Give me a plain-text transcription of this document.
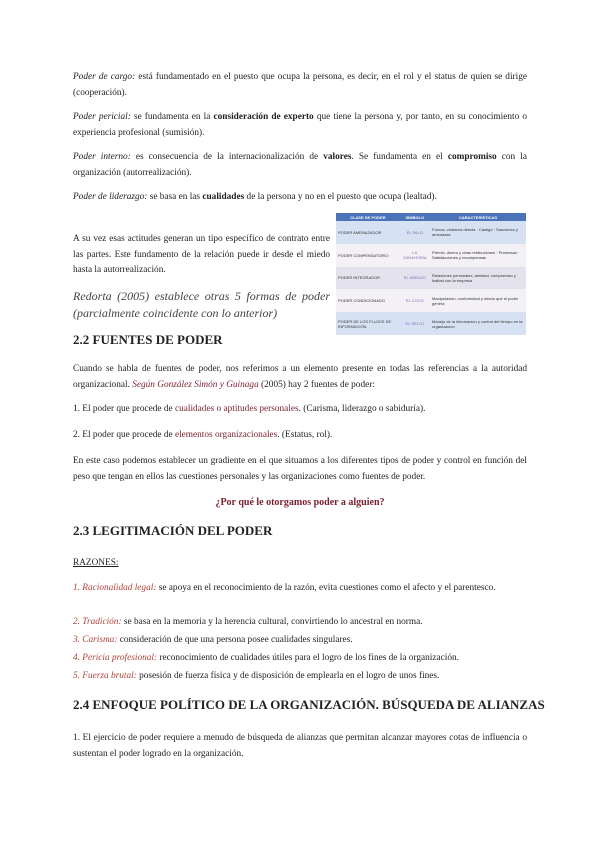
Poder de cargo: está fundamentado en el puesto que ocupa la persona, es decir, en el rol y el status de quien se dirige (cooperación).

Poder pericial: se fundamenta en la consideración de experto que tiene la persona y, por tanto, en su conocimiento o experiencia profesional (sumisión).

Poder interno: es consecuencia de la internacionalización de valores. Se fundamenta en el compromiso con la organización (autorrealización).

Poder de liderazgo: se basa en las cualidades de la persona y no en el puesto que ocupa (lealtad).

A su vez esas actitudes generan un tipo específico de contrato entre las partes. Este fundamento de la relación puede ir desde el miedo hasta la autorrealización.

Redorta (2005) establece otras 5 formas de poder (parcialmente coincidente con lo anterior)

CLASE DE PODER	SÍMBOLO	CARACTERÍSTICAS
PODER AMENAZADOR	EL PALO	Fuerza, violencia directa · Castigo · Sanciones y amenazas
PODER COMPENSATORIO	LA ZANAHORIA	Premio, dinero y otras retribuciones · Promesas · Satisfacciones y recompensas
PODER INTEGRADOR	EL ABRAZO	Relaciones personales, amistad, compromiso y lealtad con la empresa
PODER CONDICIONADO	EL COCO	Manipulación, conformidad y miedo que el poder genera
PODER DE LOS FLUJOS DE INFORMACIÓN	EL RELOJ	Manejo de la información y control del tiempo en la organización
2.2 FUENTES DE PODER

Cuando se habla de fuentes de poder, nos referimos a un elemento presente en todas las referencias a la autoridad organizacional. Según González Simón y Guinaga (2005) hay 2 fuentes de poder:

1. El poder que procede de cualidades o aptitudes personales. (Carisma, liderazgo o sabiduría).

2. El poder que procede de elementos organizacionales. (Estatus, rol).

En este caso podemos establecer un gradiente en el que situamos a los diferentes tipos de poder y control en función del peso que tengan en ellos las cuestiones personales y las organizaciones como fuentes de poder.

¿Por qué le otorgamos poder a alguien?

2.3 LEGITIMACIÓN DEL PODER

RAZONES:

1. Racionalidad legal: se apoya en el reconocimiento de la razón, evita cuestiones como el afecto y el parentesco.

2. Tradición: se basa en la memoria y la herencia cultural, convirtiendo lo ancestral en norma.

3. Carisma: consideración de que una persona posee cualidades singulares.

4. Pericia profesional: reconocimiento de cualidades útiles para el logro de los fines de la organización.

5. Fuerza brutal: posesión de fuerza física y de disposición de emplearla en el logro de unos fines.

2.4 ENFOQUE POLÍTICO DE LA ORGANIZACIÓN. BÚSQUEDA DE ALIANZAS

1. El ejercicio de poder requiere a menudo de búsqueda de alianzas que permitan alcanzar mayores cotas de influencia o sustentan el poder logrado en la organización.
